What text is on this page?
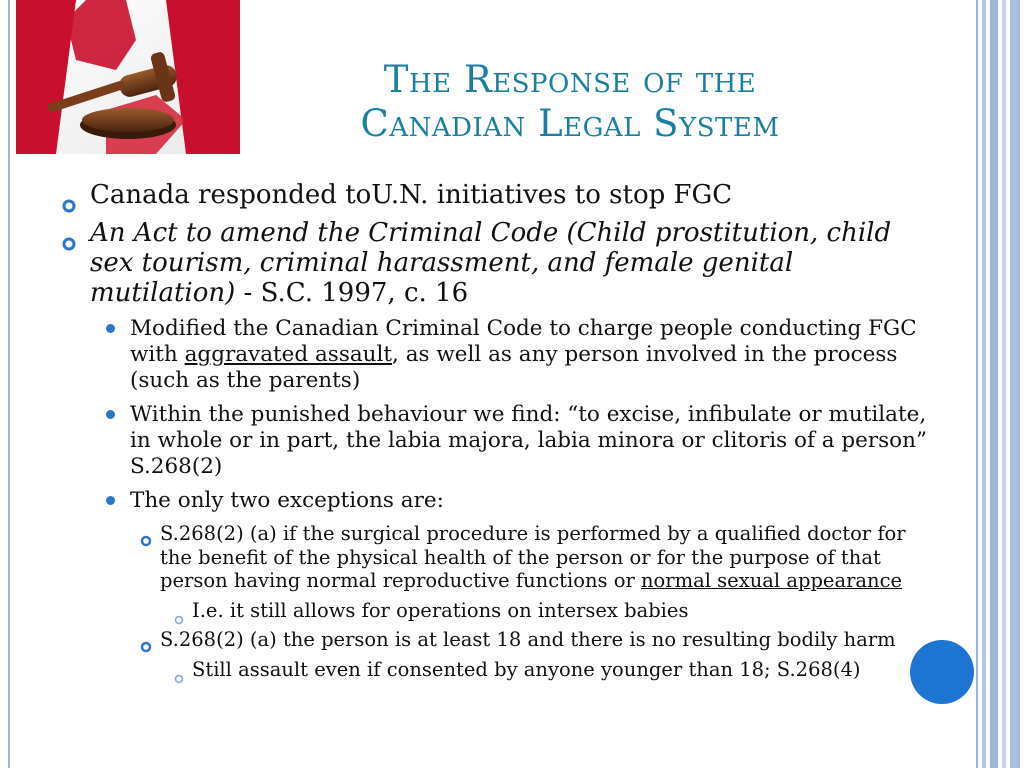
The Response of the
Canadian Legal System
Canada responded toU.N. initiatives to stop FGC
An Act to amend the Criminal Code (Child prostitution, child sex tourism, criminal harassment, and female genital mutilation) - S.C. 1997, c. 16
Modified the Canadian Criminal Code to charge people conducting FGC with aggravated assault, as well as any person involved in the process (such as the parents)
Within the punished behaviour we find: “to excise, infibulate or mutilate, in whole or in part, the labia majora, labia minora or clitoris of a person” S.268(2)
The only two exceptions are:
S.268(2) (a) if the surgical procedure is performed by a qualified doctor for the benefit of the physical health of the person or for the purpose of that person having normal reproductive functions or normal sexual appearance
I.e. it still allows for operations on intersex babies
S.268(2) (a) the person is at least 18 and there is no resulting bodily harm
Still assault even if consented by anyone younger than 18; S.268(4)
